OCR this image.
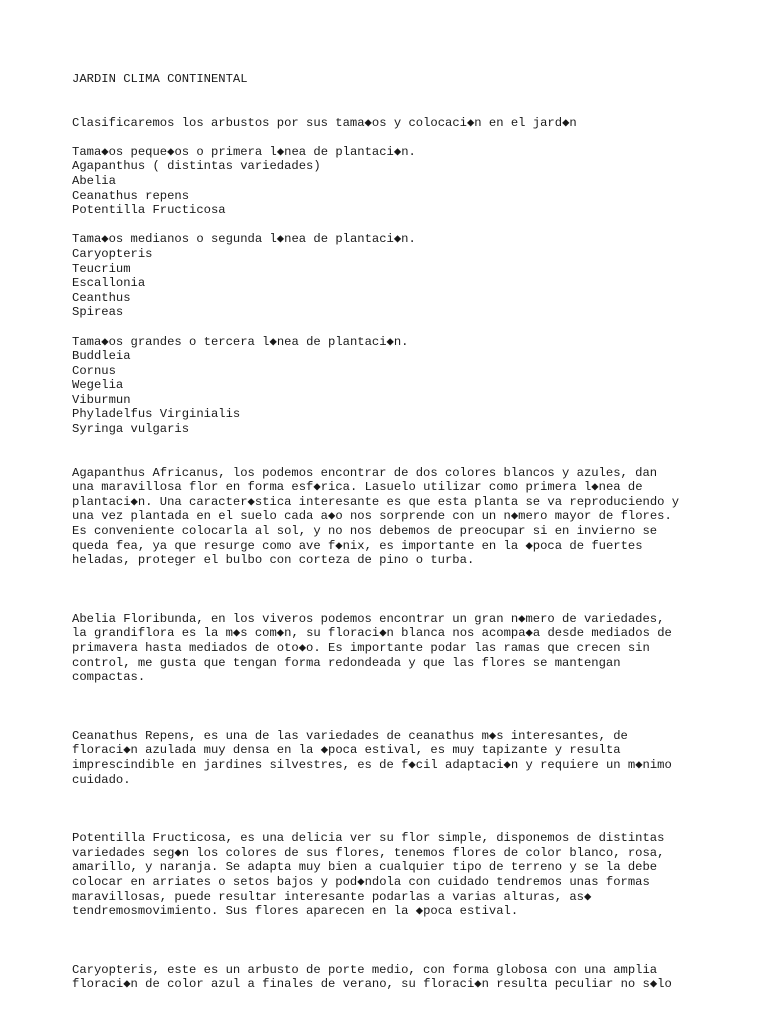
JARDIN CLIMA CONTINENTAL
Clasificaremos los arbustos por sus tama◆os y colocaci◆n en el jard◆n
Tama◆os peque◆os o primera l◆nea de plantaci◆n.
Agapanthus ( distintas variedades)
Abelia
Ceanathus repens
Potentilla Fructicosa
Tama◆os medianos o segunda l◆nea de plantaci◆n.
Caryopteris
Teucrium
Escallonia
Ceanthus
Spireas
Tama◆os grandes o tercera l◆nea de plantaci◆n.
Buddleia
Cornus
Wegelia
Viburmun
Phyladelfus Virginialis
Syringa vulgaris
Agapanthus Africanus, los podemos encontrar de dos colores blancos y azules, dan
una maravillosa flor en forma esf◆rica. Lasuelo utilizar como primera l◆nea de
plantaci◆n. Una caracter◆stica interesante es que esta planta se va reproduciendo y
una vez plantada en el suelo cada a◆o nos sorprende con un n◆mero mayor de flores.
Es conveniente colocarla al sol, y no nos debemos de preocupar si en invierno se
queda fea, ya que resurge como ave f◆nix, es importante en la ◆poca de fuertes
heladas, proteger el bulbo con corteza de pino o turba.
Abelia Floribunda, en los viveros podemos encontrar un gran n◆mero de variedades,
la grandiflora es la m◆s com◆n, su floraci◆n blanca nos acompa◆a desde mediados de
primavera hasta mediados de oto◆o. Es importante podar las ramas que crecen sin
control, me gusta que tengan forma redondeada y que las flores se mantengan
compactas.
Ceanathus Repens, es una de las variedades de ceanathus m◆s interesantes, de
floraci◆n azulada muy densa en la ◆poca estival, es muy tapizante y resulta
imprescindible en jardines silvestres, es de f◆cil adaptaci◆n y requiere un m◆nimo
cuidado.
Potentilla Fructicosa, es una delicia ver su flor simple, disponemos de distintas
variedades seg◆n los colores de sus flores, tenemos flores de color blanco, rosa,
amarillo, y naranja. Se adapta muy bien a cualquier tipo de terreno y se la debe
colocar en arriates o setos bajos y pod◆ndola con cuidado tendremos unas formas
maravillosas, puede resultar interesante podarlas a varias alturas, as◆
tendremosmovimiento. Sus flores aparecen en la ◆poca estival.
Caryopteris, este es un arbusto de porte medio, con forma globosa con una amplia
floraci◆n de color azul a finales de verano, su floraci◆n resulta peculiar no s◆lo
